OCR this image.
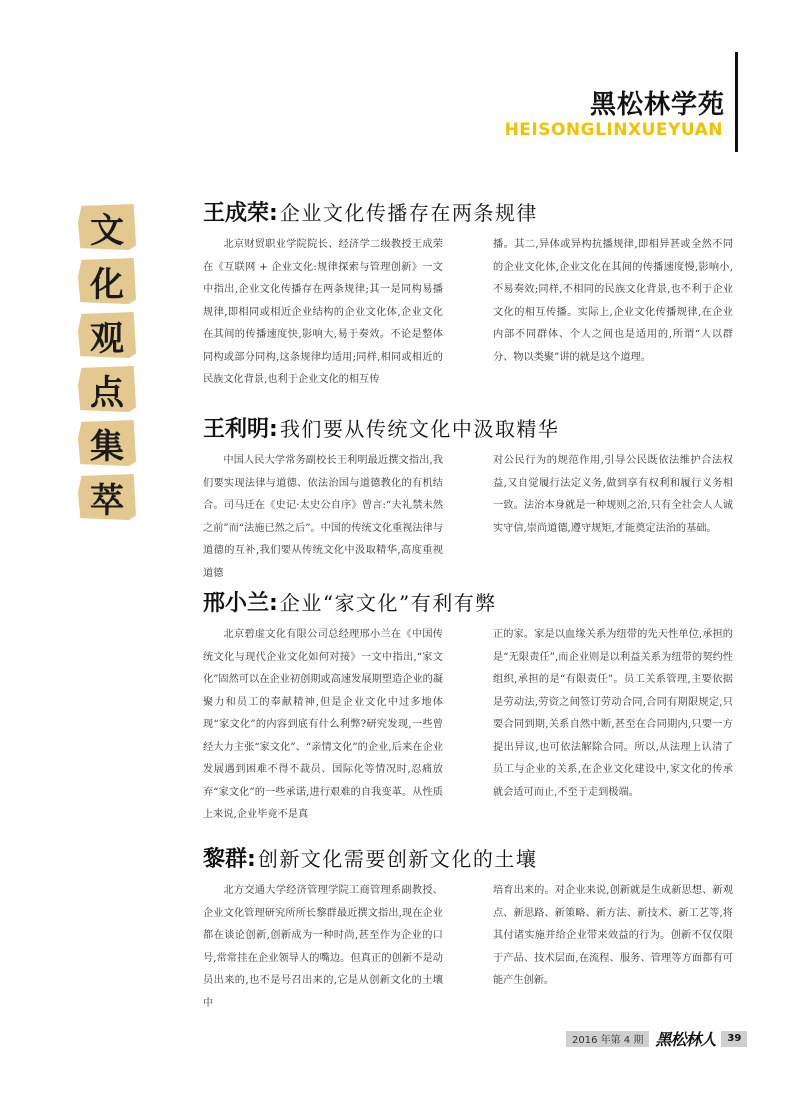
黑松林学苑
HEISONGLINXUEYUAN
文
化
观
点
集
萃
王成荣 : 企业文化传播存在两条规律

北京财贸职业学院院长、经济学二级教授王成荣在《互联网 + 企业文化:规律探索与管理创新》一文中指出,企业文化传播存在两条规律;其一是同构易播规律,即相同或相近企业结构的企业文化体,企业文化在其间的传播速度快,影响大,易于奏效。不论是整体同构或部分同构,这条规律均适用;同样,相同或相近的民族文化背景,也利于企业文化的相互传

播。其二,异体或异构抗播规律,即相异甚或全然不同的企业文化体,企业文化在其间的传播速度慢,影响小,不易奏效;同样,不相同的民族文化背景,也不利于企业文化的相互传播。实际上,企业文化传播规律,在企业内部不同群体、个人之间也是适用的,所谓“人以群分、物以类聚”讲的就是这个道理。

王利明 : 我们要从传统文化中汲取精华

中国人民大学常务副校长王利明最近撰文指出,我们要实现法律与道德、依法治国与道德教化的有机结合。司马迁在《史记·太史公自序》曾言:“夫礼禁未然之前”而“法施已然之后”。中国的传统文化重视法律与道德的互补,我们要从传统文化中汲取精华,高度重视道德

对公民行为的规范作用,引导公民既依法维护合法权益,又自觉履行法定义务,做到享有权利和履行义务相一致。法治本身就是一种规则之治,只有全社会人人诚实守信,崇尚道德,遵守规矩,才能奠定法治的基础。

邢小兰 : 企业“家文化”有利有弊

北京碧虚文化有限公司总经理邢小兰在《中国传统文化与现代企业文化如何对接》一文中指出,“家文化”固然可以在企业初创期或高速发展期塑造企业的凝聚力和员工的奉献精神,但是企业文化中过多地体现“家文化”的内容到底有什么利弊?研究发现,一些曾经大力主张“家文化”、“亲情文化”的企业,后来在企业发展遇到困难不得不裁员、国际化等情况时,忍痛放弃“家文化”的一些承诺,进行艰难的自我变革。从性质上来说,企业毕竟不是真

正的家。家是以血缘关系为纽带的先天性单位,承担的是“无限责任”,而企业则是以利益关系为纽带的契约性组织,承担的是“有限责任”。员工关系管理,主要依据是劳动法,劳资之间签订劳动合同,合同有期限规定,只要合同到期,关系自然中断,甚至在合同期内,只要一方提出异议,也可依法解除合同。所以,从法理上认清了员工与企业的关系,在企业文化建设中,家文化的传承就会适可而止,不至于走到极端。

黎群 : 创新文化需要创新文化的土壤

北方交通大学经济管理学院工商管理系副教授、企业文化管理研究所所长黎群最近撰文指出,现在企业都在谈论创新,创新成为一种时尚,甚至作为企业的口号,常常挂在企业领导人的嘴边。但真正的创新不是动员出来的,也不是号召出来的,它是从创新文化的土壤中

培育出来的。对企业来说,创新就是生成新思想、新观点、新思路、新策略、新方法、新技术、新工艺等,将其付诸实施并给企业带来效益的行为。创新不仅仅限于产品、技术层面,在流程、服务、管理等方面都有可能产生创新。

2016 年第 4 期 黑松林人	39
